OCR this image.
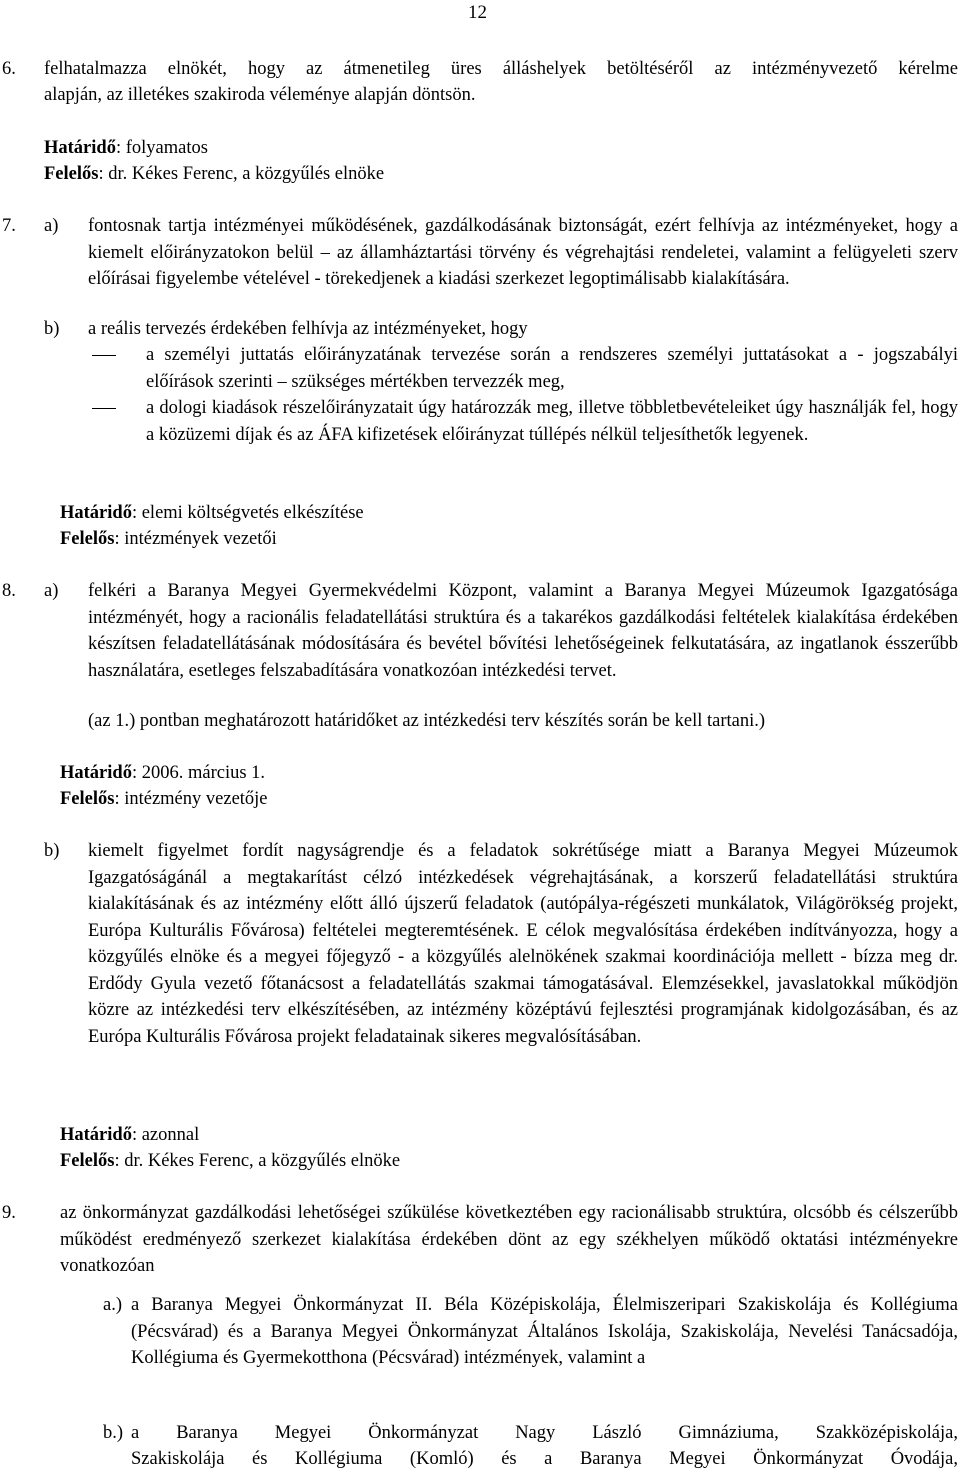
12
6. felhatalmazza elnökét, hogy az átmenetileg üres álláshelyek betöltéséről az intézményvezető kérelme
alapján, az illetékes szakiroda véleménye alapján döntsön.
Határidő: folyamatos
Felelős: dr. Kékes Ferenc, a közgyűlés elnöke
7. a) fontosnak tartja intézményei működésének, gazdálkodásának biztonságát, ezért felhívja az intézményeket, hogy a kiemelt előirányzatokon belül – az államháztartási törvény és végrehajtási rendeletei, valamint a felügyeleti szerv előírásai figyelembe vételével - törekedjenek a kiadási szerkezet legoptimálisabb kialakítására.
b) a reális tervezés érdekében felhívja az intézményeket, hogy
a személyi juttatás előirányzatának tervezése során a rendszeres személyi juttatásokat a - jogszabályi előírások szerinti – szükséges mértékben tervezzék meg,
a dologi kiadások részelőirányzatait úgy határozzák meg, illetve többletbevételeiket úgy használják fel, hogy a közüzemi díjak és az ÁFA kifizetések előirányzat túllépés nélkül teljesíthetők legyenek.
Határidő: elemi költségvetés elkészítése
Felelős: intézmények vezetői
8. a) felkéri a Baranya Megyei Gyermekvédelmi Központ, valamint a Baranya Megyei Múzeumok Igazgatósága intézményét, hogy a racionális feladatellátási struktúra és a takarékos gazdálkodási feltételek kialakítása érdekében készítsen feladatellátásának módosítására és bevétel bővítési lehetőségeinek felkutatására, az ingatlanok ésszerűbb használatára, esetleges felszabadítására vonatkozóan intézkedési tervet.
(az 1.) pontban meghatározott határidőket az intézkedési terv készítés során be kell tartani.)
Határidő: 2006. március 1.
Felelős: intézmény vezetője
b) kiemelt figyelmet fordít nagyságrendje és a feladatok sokrétűsége miatt a Baranya Megyei Múzeumok Igazgatóságánál a megtakarítást célzó intézkedések végrehajtásának, a korszerű feladatellátási struktúra kialakításának és az intézmény előtt álló újszerű feladatok (autópálya-régészeti munkálatok, Világörökség projekt, Európa Kulturális Fővárosa) feltételei megteremtésének. E célok megvalósítása érdekében indítványozza, hogy a közgyűlés elnöke és a megyei főjegyző - a közgyűlés alelnökének szakmai koordinációja mellett - bízza meg dr. Erdődy Gyula vezető főtanácsost a feladatellátás szakmai támogatásával. Elemzésekkel, javaslatokkal működjön közre az intézkedési terv elkészítésében, az intézmény középtávú fejlesztési programjának kidolgozásában, és az Európa Kulturális Fővárosa projekt feladatainak sikeres megvalósításában.
Határidő: azonnal
Felelős: dr. Kékes Ferenc, a közgyűlés elnöke
9. az önkormányzat gazdálkodási lehetőségei szűkülése következtében egy racionálisabb struktúra, olcsóbb és célszerűbb működést eredményező szerkezet kialakítása érdekében dönt az egy székhelyen működő oktatási intézményekre vonatkozóan
a.) a Baranya Megyei Önkormányzat II. Béla Középiskolája, Élelmiszeripari Szakiskolája és Kollégiuma (Pécsvárad) és a Baranya Megyei Önkormányzat Általános Iskolája, Szakiskolája, Nevelési Tanácsadója, Kollégiuma és Gyermekotthona (Pécsvárad) intézmények, valamint a
b.) a Baranya Megyei Önkormányzat Nagy László Gimnáziuma, Szakközépiskolája,
Szakiskolája és Kollégiuma (Komló) és a Baranya Megyei Önkormányzat Óvodája,
